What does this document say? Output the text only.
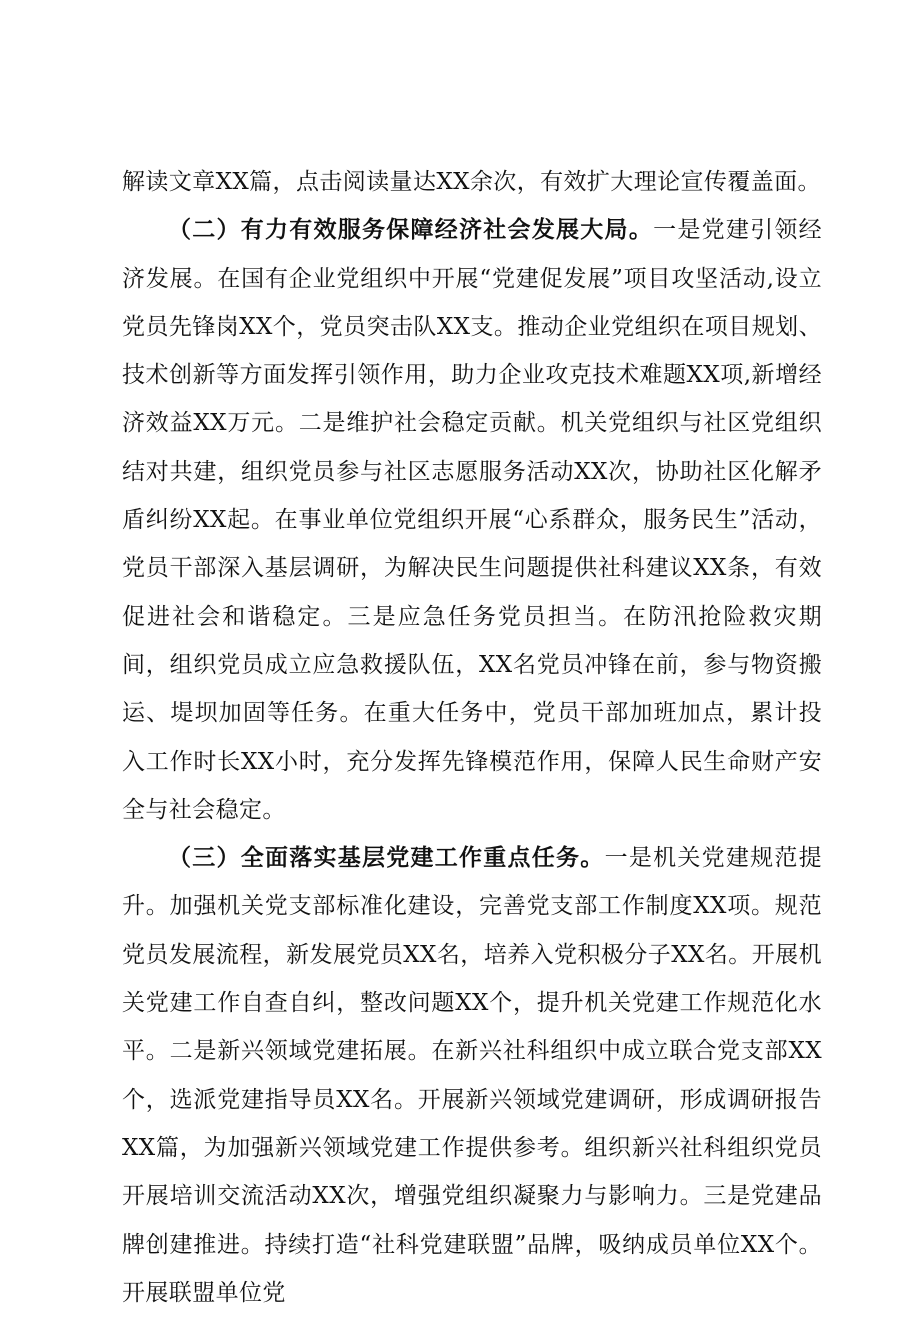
解读文章XX篇，点击阅读量达XX余次，有效扩大理论宣传覆盖面。

（二）有力有效服务保障经济社会发展大局。一是党建引领经济发展。在国有企业党组织中开展“党建促发展”项目攻坚活动,设立党员先锋岗XX个，党员突击队XX支。推动企业党组织在项目规划、技术创新等方面发挥引领作用，助力企业攻克技术难题XX项,新增经济效益XX万元。二是维护社会稳定贡献。机关党组织与社区党组织结对共建，组织党员参与社区志愿服务活动XX次，协助社区化解矛盾纠纷XX起。在事业单位党组织开展“心系群众，服务民生”活动，党员干部深入基层调研，为解决民生问题提供社科建议XX条，有效促进社会和谐稳定。三是应急任务党员担当。在防汛抢险救灾期间，组织党员成立应急救援队伍，XX名党员冲锋在前，参与物资搬运、堤坝加固等任务。在重大任务中，党员干部加班加点，累计投入工作时长XX小时，充分发挥先锋模范作用，保障人民生命财产安全与社会稳定。

（三）全面落实基层党建工作重点任务。一是机关党建规范提升。加强机关党支部标准化建设，完善党支部工作制度XX项。规范党员发展流程，新发展党员XX名，培养入党积极分子XX名。开展机关党建工作自查自纠，整改问题XX个，提升机关党建工作规范化水平。二是新兴领域党建拓展。在新兴社科组织中成立联合党支部XX个，选派党建指导员XX名。开展新兴领域党建调研，形成调研报告XX篇，为加强新兴领域党建工作提供参考。组织新兴社科组织党员开展培训交流活动XX次，增强党组织凝聚力与影响力。三是党建品牌创建推进。持续打造“社科党建联盟”品牌，吸纳成员单位XX个。开展联盟单位党
